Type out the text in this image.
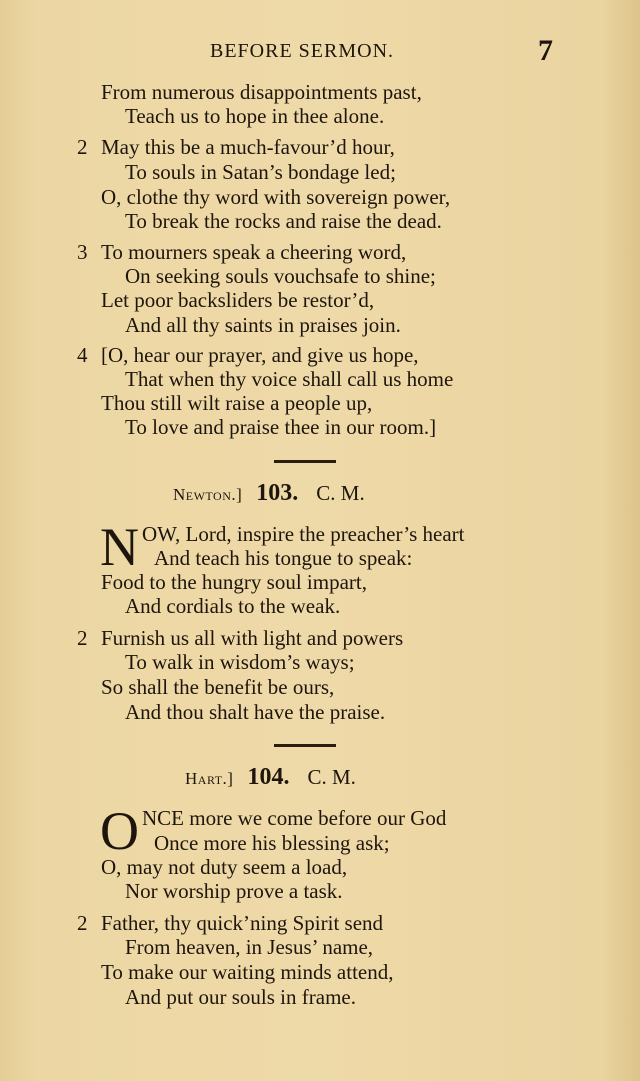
BEFORE SERMON.	7
From numerous disappointments past,
Teach us to hope in thee alone.
2 May this be a much-favour’d hour,
To souls in Satan’s bondage led;
O, clothe thy word with sovereign power,
To break the rocks and raise the dead.
3 To mourners speak a cheering word,
On seeking souls vouchsafe to shine;
Let poor backsliders be restor’d,
And all thy saints in praises join.
4 [O, hear our prayer, and give us hope,
That when thy voice shall call us home
Thou still wilt raise a people up,
To love and praise thee in our room.]
Newton.] 103. C. M.
N OW, Lord, inspire the preacher’s heart
And teach his tongue to speak:
Food to the hungry soul impart,
And cordials to the weak.
2 Furnish us all with light and powers
To walk in wisdom’s ways;
So shall the benefit be ours,
And thou shalt have the praise.
Hart.] 104. C. M.
O NCE more we come before our God
Once more his blessing ask;
O, may not duty seem a load,
Nor worship prove a task.
2 Father, thy quick’ning Spirit send
From heaven, in Jesus’ name,
To make our waiting minds attend,
And put our souls in frame.
